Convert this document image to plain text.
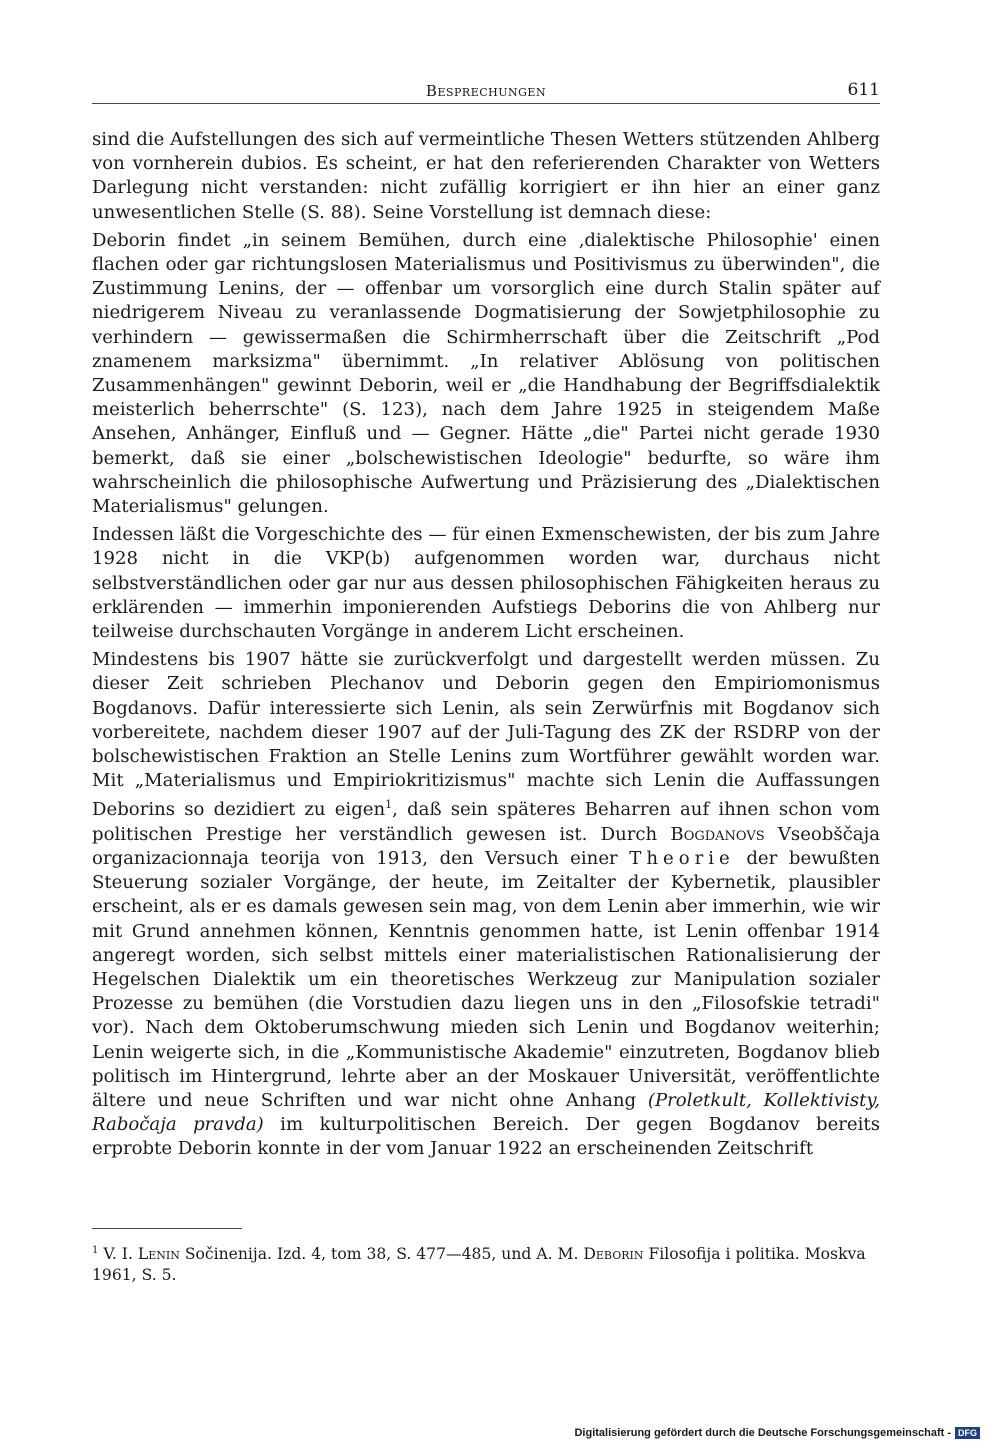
Besprechungen	611

sind die Aufstellungen des sich auf vermeintliche Thesen Wetters stützenden Ahlberg von vornherein dubios. Es scheint, er hat den referierenden Charakter von Wetters Darlegung nicht verstanden: nicht zufällig korrigiert er ihn hier an einer ganz unwesentlichen Stelle (S. 88). Seine Vorstellung ist demnach diese:

Deborin findet „in seinem Bemühen, durch eine ‚dialektische Philosophie' einen flachen oder gar richtungslosen Materialismus und Positivismus zu überwinden", die Zustimmung Lenins, der — offenbar um vorsorglich eine durch Stalin später auf niedrigerem Niveau zu veranlassende Dogmatisierung der Sowjetphilosophie zu verhindern — gewissermaßen die Schirmherrschaft über die Zeitschrift „Pod znamenem marksizma" übernimmt. „In relativer Ablösung von politischen Zusammenhängen" gewinnt Deborin, weil er „die Handhabung der Begriffsdialektik meisterlich beherrschte" (S. 123), nach dem Jahre 1925 in steigendem Maße Ansehen, Anhänger, Einfluß und — Gegner. Hätte „die" Partei nicht gerade 1930 bemerkt, daß sie einer „bolschewistischen Ideologie" bedurfte, so wäre ihm wahrscheinlich die philosophische Aufwertung und Präzisierung des „Dialektischen Materialismus" gelungen.

Indessen läßt die Vorgeschichte des — für einen Exmenschewisten, der bis zum Jahre 1928 nicht in die VKP(b) aufgenommen worden war, durchaus nicht selbstverständlichen oder gar nur aus dessen philosophischen Fähigkeiten heraus zu erklärenden — immerhin imponierenden Aufstiegs Deborins die von Ahlberg nur teilweise durchschauten Vorgänge in anderem Licht erscheinen.

Mindestens bis 1907 hätte sie zurückverfolgt und dargestellt werden müssen. Zu dieser Zeit schrieben Plechanov und Deborin gegen den Empiriomonismus Bogdanovs. Dafür interessierte sich Lenin, als sein Zerwürfnis mit Bogdanov sich vorbereitete, nachdem dieser 1907 auf der Juli-Tagung des ZK der RSDRP von der bolschewistischen Fraktion an Stelle Lenins zum Wortführer gewählt worden war. Mit „Materialismus und Empiriokritizismus" machte sich Lenin die Auffassungen Deborins so dezidiert zu eigen$^1$, daß sein späteres Beharren auf ihnen schon vom politischen Prestige her verständlich gewesen ist. Durch Bogdanovs Vseobščaja organizacionnaja teorija von 1913, den Versuch einer Theorie der bewußten Steuerung sozialer Vorgänge, der heute, im Zeitalter der Kybernetik, plausibler erscheint, als er es damals gewesen sein mag, von dem Lenin aber immerhin, wie wir mit Grund annehmen können, Kenntnis genommen hatte, ist Lenin offenbar 1914 angeregt worden, sich selbst mittels einer materialistischen Rationalisierung der Hegelschen Dialektik um ein theoretisches Werkzeug zur Manipulation sozialer Prozesse zu bemühen (die Vorstudien dazu liegen uns in den „Filosofskie tetradi" vor). Nach dem Oktoberumschwung mieden sich Lenin und Bogdanov weiterhin; Lenin weigerte sich, in die „Kommunistische Akademie" einzutreten, Bogdanov blieb politisch im Hintergrund, lehrte aber an der Moskauer Universität, veröffentlichte ältere und neue Schriften und war nicht ohne Anhang (Proletkult, Kollektivisty, Rabočaja pravda) im kulturpolitischen Bereich. Der gegen Bogdanov bereits erprobte Deborin konnte in der vom Januar 1922 an erscheinenden Zeitschrift

$^1$ V. I. Lenin Sočinenija. Izd. 4, tom 38, S. 477—485, und A. M. Deborin Filosofija i politika. Moskva 1961, S. 5.
Digitalisierung gefördert durch die Deutsche Forschungsgemeinschaft - DFG
